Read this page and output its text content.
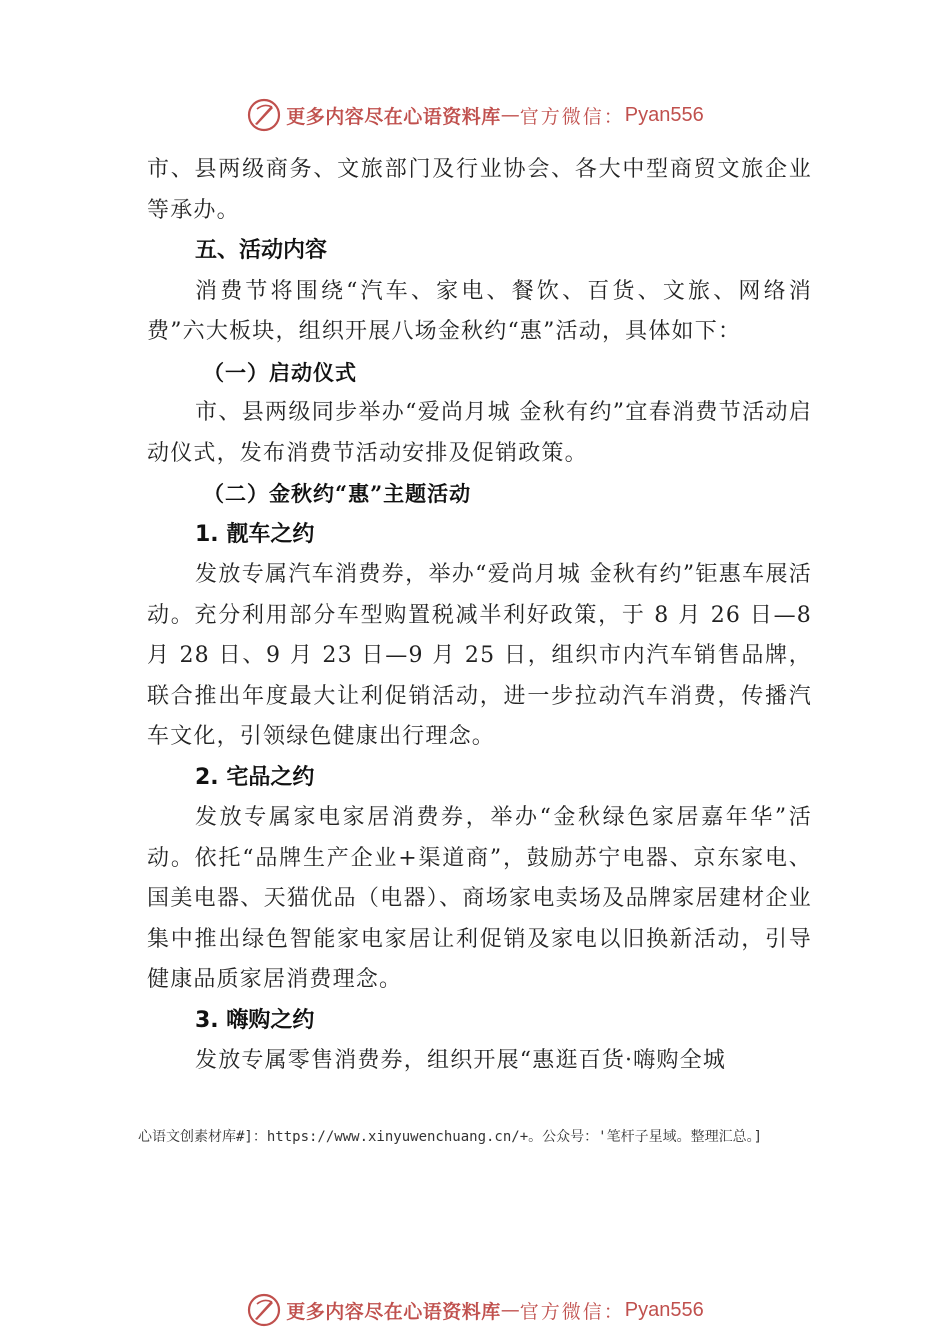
更多内容尽在心语资料库 — 官方微信： Pyan556

市、县两级商务、文旅部门及行业协会、各大中型商贸文旅企业等承办。

五、活动内容

消费节将围绕“汽车、家电、餐饮、百货、文旅、网络消费”六大板块，组织开展八场金秋约“惠”活动，具体如下：

（一）启动仪式

市、县两级同步举办“爱尚月城 金秋有约”宜春消费节活动启动仪式，发布消费节活动安排及促销政策。

（二）金秋约“惠”主题活动

1. 靓车之约

发放专属汽车消费券，举办“爱尚月城 金秋有约”钜惠车展活动。充分利用部分车型购置税减半利好政策，于 8 月 26 日—8 月 28 日、9 月 23 日—9 月 25 日，组织市内汽车销售品牌，联合推出年度最大让利促销活动，进一步拉动汽车消费，传播汽车文化，引领绿色健康出行理念。

2. 宅品之约

发放专属家电家居消费券，举办“金秋绿色家居嘉年华”活动。依托“品牌生产企业+渠道商”，鼓励苏宁电器、京东家电、国美电器、天猫优品（电器）、商场家电卖场及品牌家居建材企业集中推出绿色智能家电家居让利促销及家电以旧换新活动，引导健康品质家居消费理念。

3. 嗨购之约

发放专属零售消费券，组织开展“惠逛百货·嗨购全城

心语文创素材库#]：https://www.xinyuwenchuang.cn/+。公众号：'笔杆子星域。整理汇总。]
更多内容尽在心语资料库 — 官方微信： Pyan556
